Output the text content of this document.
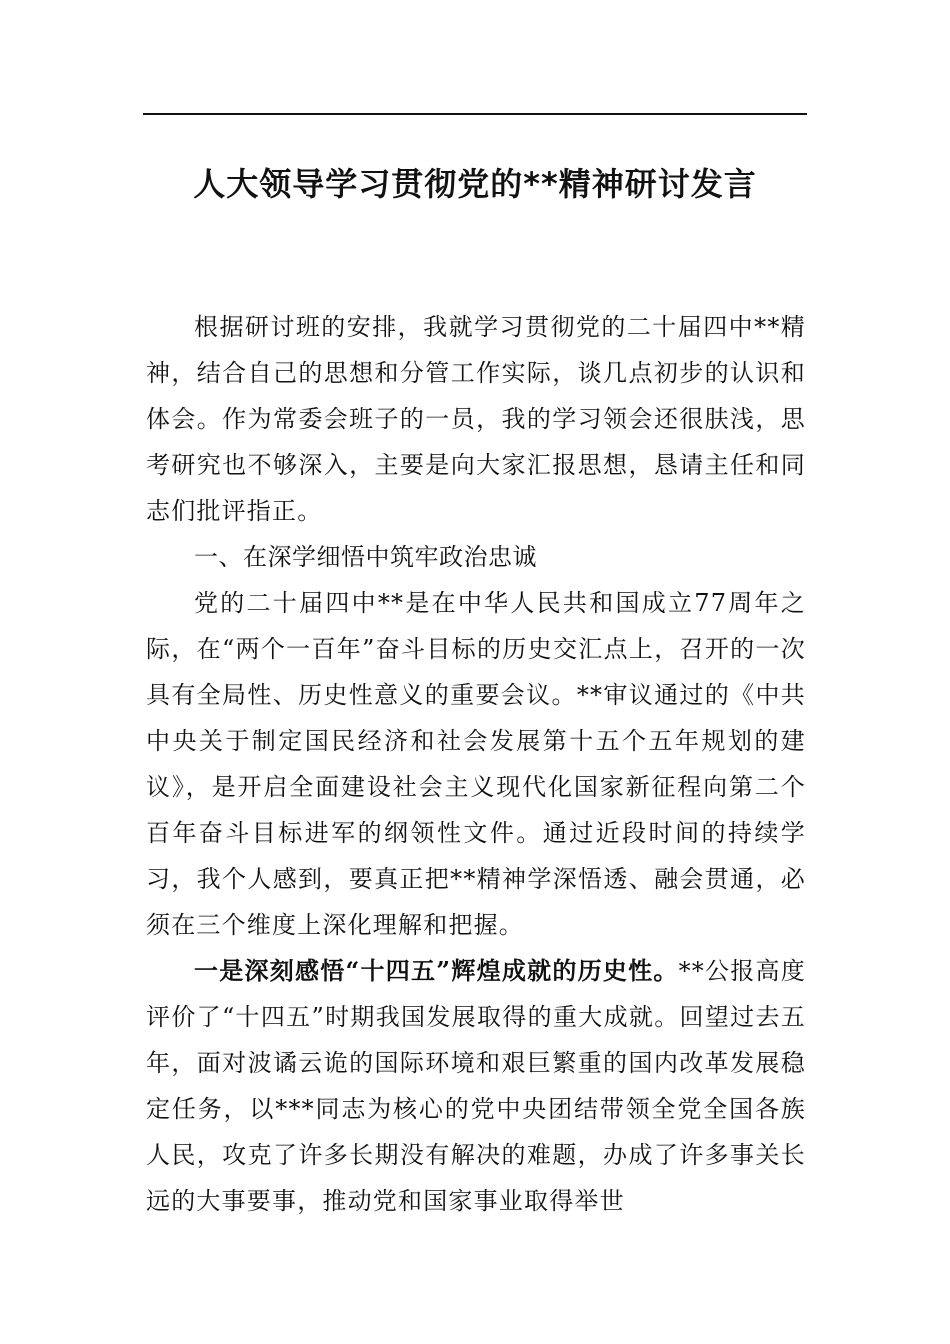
人大领导学习贯彻党的**精神研讨发言

根据研讨班的安排，我就学习贯彻党的二十届四中**精神，结合自己的思想和分管工作实际，谈几点初步的认识和体会。作为常委会班子的一员，我的学习领会还很肤浅，思考研究也不够深入，主要是向大家汇报思想，恳请主任和同志们批评指正。

一、在深学细悟中筑牢政治忠诚

党的二十届四中**是在中华人民共和国成立77周年之际，在“两个一百年”奋斗目标的历史交汇点上，召开的一次具有全局性、历史性意义的重要会议。**审议通过的《中共中央关于制定国民经济和社会发展第十五个五年规划的建议》，是开启全面建设社会主义现代化国家新征程向第二个百年奋斗目标进军的纲领性文件。通过近段时间的持续学习，我个人感到，要真正把**精神学深悟透、融会贯通，必须在三个维度上深化理解和把握。

一是深刻感悟“十四五”辉煌成就的历史性。**公报高度评价了“十四五”时期我国发展取得的重大成就。回望过去五年，面对波谲云诡的国际环境和艰巨繁重的国内改革发展稳定任务，以***同志为核心的党中央团结带领全党全国各族人民，攻克了许多长期没有解决的难题，办成了许多事关长远的大事要事，推动党和国家事业取得举世
